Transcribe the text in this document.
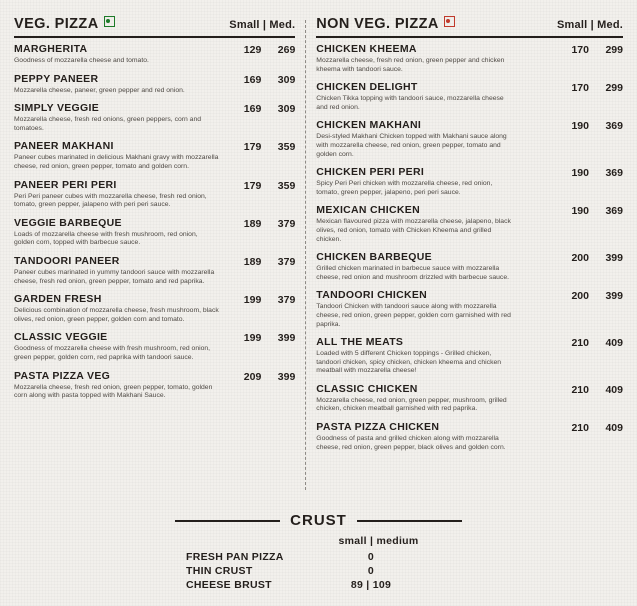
VEG. PIZZA	Small | Med.
MARGHERITA
Goodness of mozzarella cheese and tomato.
129	269
PEPPY PANEER
Mozzarella cheese, paneer, green pepper and red onion.
169	309
SIMPLY VEGGIE
Mozzarella cheese, fresh red onions, green peppers, corn and tomatoes.
169	309
PANEER MAKHANI
Paneer cubes marinated in delicious Makhani gravy with mozzarella cheese, red onion, green pepper, tomato and golden corn.
179	359
PANEER PERI PERI
Peri Peri paneer cubes with mozzarella cheese, fresh red onion, tomato, green pepper, jalapeno with peri peri sauce.
179	359
VEGGIE BARBEQUE
Loads of mozzarella cheese with fresh mushroom, red onion, golden corn, topped with barbecue sauce.
189	379
TANDOORI PANEER
Paneer cubes marinated in yummy tandoori sauce with mozzarella cheese, fresh red onion, green pepper, tomato and red paprika.
189	379
GARDEN FRESH
Delicious combination of mozzarella cheese, fresh mushroom, black olives, red onion, green pepper, golden corn and tomato.
199	379
CLASSIC VEGGIE
Goodness of mozzarella cheese with fresh mushroom, red onion, green pepper, golden corn, red paprika with tandoori sauce.
199	399
PASTA PIZZA VEG
Mozzarella cheese, fresh red onion, green pepper, tomato, golden corn along with pasta topped with Makhani Sauce.
209	399
NON VEG. PIZZA	Small | Med.
CHICKEN KHEEMA
Mozzarella cheese, fresh red onion, green pepper and chicken kheema with tandoori sauce.
170	299
CHICKEN DELIGHT
Chicken Tikka topping with tandoori sauce, mozzarella cheese and red onion.
170	299
CHICKEN MAKHANI
Desi-styled Makhani Chicken topped with Makhani sauce along with mozzarella cheese, red onion, green pepper, tomato and golden corn.
190	369
CHICKEN PERI PERI
Spicy Peri Peri chicken with mozzarella cheese, red onion, tomato, green pepper, jalapeno, peri peri sauce.
190	369
MEXICAN CHICKEN
Mexican flavoured pizza with mozzarella cheese, jalapeno, black olives, red onion, tomato with Chicken Kheema and grilled chicken.
190	369
CHICKEN BARBEQUE
Grilled chicken marinated in barbecue sauce with mozzarella cheese, red onion and mushroom drizzled with barbecue sauce.
200	399
TANDOORI CHICKEN
Tandoori Chicken with tandoori sauce along with mozzarella cheese, red onion, green pepper, golden corn garnished with red paprika.
200	399
ALL THE MEATS
Loaded with 5 different Chicken toppings - Grilled chicken, tandoori chicken, spicy chicken, chicken kheema and chicken meatball with mozzarella cheese!
210	409
CLASSIC CHICKEN
Mozzarella cheese, red onion, green pepper, mushroom, grilled chicken, chicken meatball garnished with red paprika.
210	409
PASTA PIZZA CHICKEN
Goodness of pasta and grilled chicken along with mozzarella cheese, red onion, green pepper, black olives and golden corn.
210	409
CRUST
small | medium
FRESH PAN PIZZA	0
THIN CRUST	0
CHEESE BRUST	89 | 109
